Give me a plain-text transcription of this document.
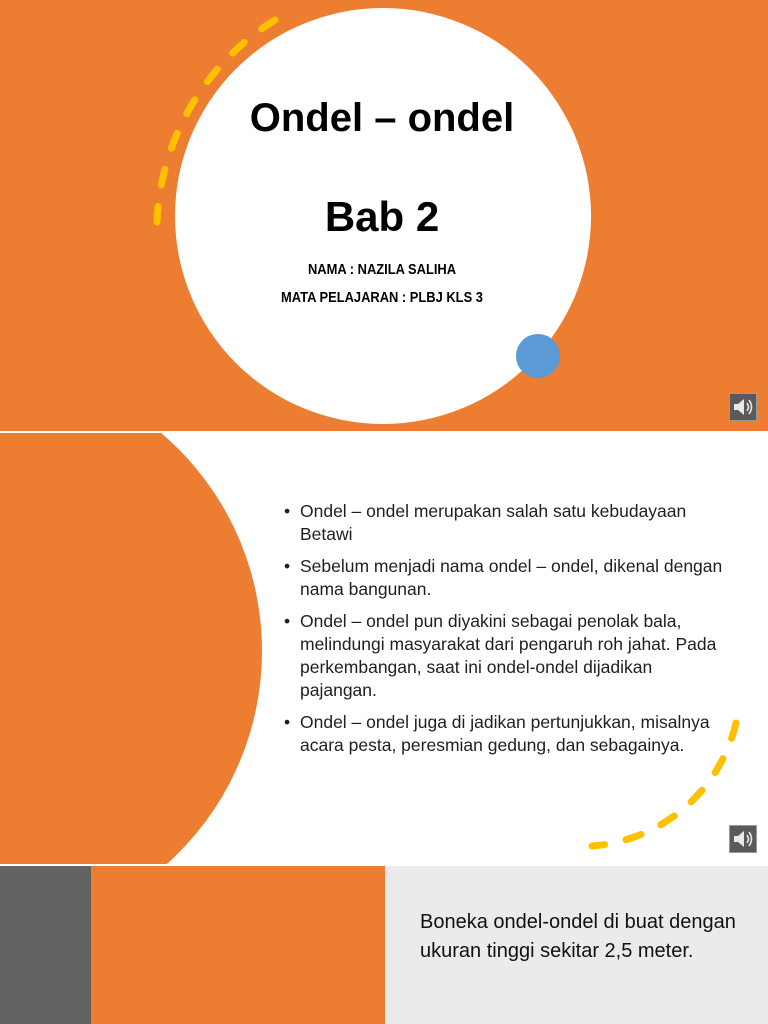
Ondel – ondel
Bab 2
NAMA : NAZILA SALIHA
MATA PELAJARAN : PLBJ KLS 3
• Ondel – ondel merupakan salah satu kebudayaan Betawi
• Sebelum menjadi nama ondel – ondel, dikenal dengan nama bangunan.
• Ondel – ondel pun diyakini sebagai penolak bala, melindungi masyarakat dari pengaruh roh jahat. Pada perkembangan, saat ini ondel-ondel dijadikan pajangan.
• Ondel – ondel juga di jadikan pertunjukkan, misalnya acara pesta, peresmian gedung, dan sebagainya.
Boneka ondel-ondel di buat dengan ukuran tinggi sekitar 2,5 meter.
